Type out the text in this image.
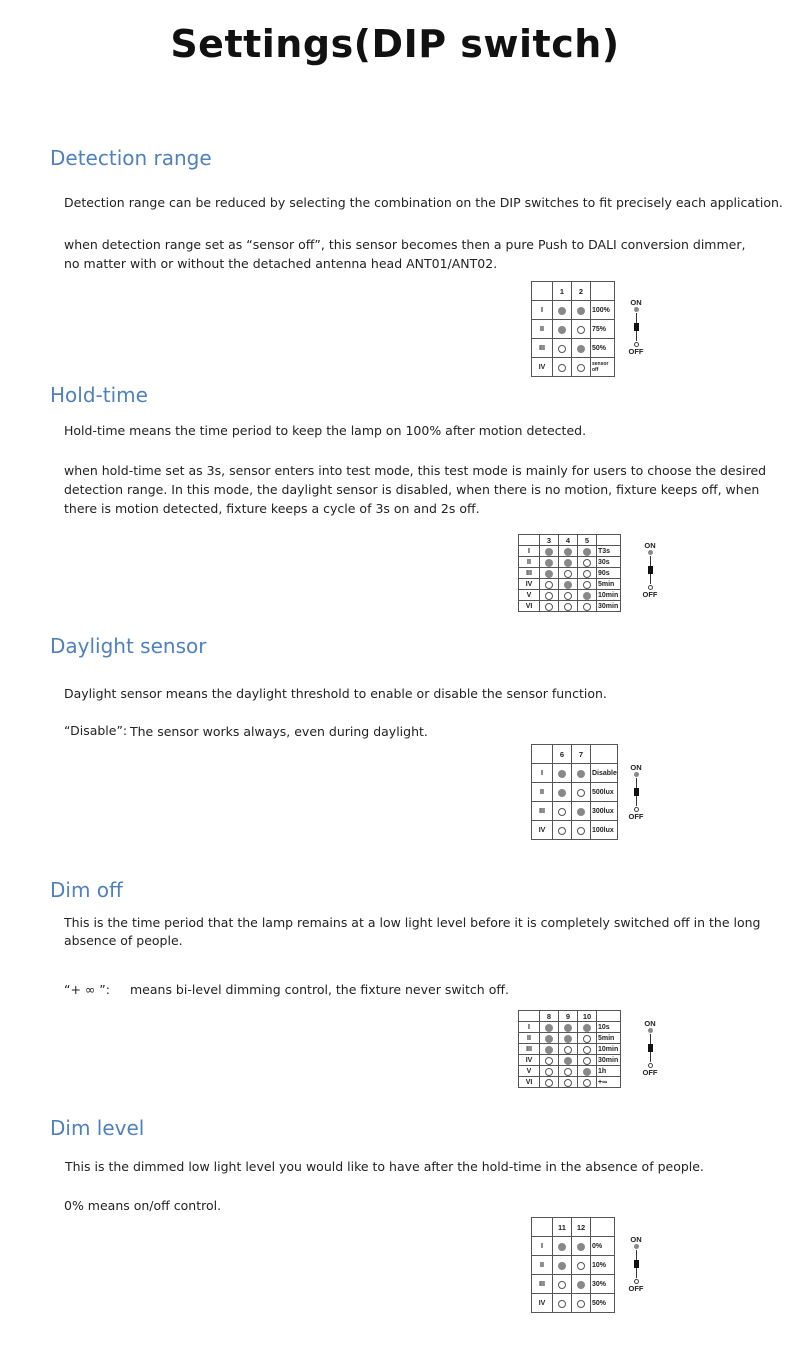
Settings(DIP switch)
Detection range
Detection range can be reduced by selecting the combination on the DIP switches to fit precisely each application.
when detection range set as “sensor off”, this sensor becomes then a pure Push to DALI conversion dimmer,
no matter with or without the detached antenna head ANT01/ANT02.
	1	2	
I			100%
II			75%
III			50%
IV			sensor off
ON
OFF
Hold-time
Hold-time means the time period to keep the lamp on 100% after motion detected.
when hold-time set as 3s, sensor enters into test mode, this test mode is mainly for users to choose the desired
detection range. In this mode, the daylight sensor is disabled, when there is no motion, fixture keeps off, when
there is motion detected, fixture keeps a cycle of 3s on and 2s off.
	3	4	5	
I				T3s
II				30s
III				90s
IV				5min
V				10min
VI				30min
ON
OFF
Daylight sensor
Daylight sensor means the daylight threshold to enable or disable the sensor function.
“Disable”: The sensor works always, even during daylight.
	6	7	
I			Disable
II			500lux
III			300lux
IV			100lux
ON
OFF
Dim off
This is the time period that the lamp remains at a low light level before it is completely switched off in the long
absence of people.
“+ ∞ ”: means bi-level dimming control, the fixture never switch off.
	8	9	10	
I				10s
II				5min
III				10min
IV				30min
V				1h
VI				+∞
ON
OFF
Dim level
This is the dimmed low light level you would like to have after the hold-time in the absence of people.
0% means on/off control.
	11	12	
I			0%
II			10%
III			30%
IV			50%
ON
OFF
